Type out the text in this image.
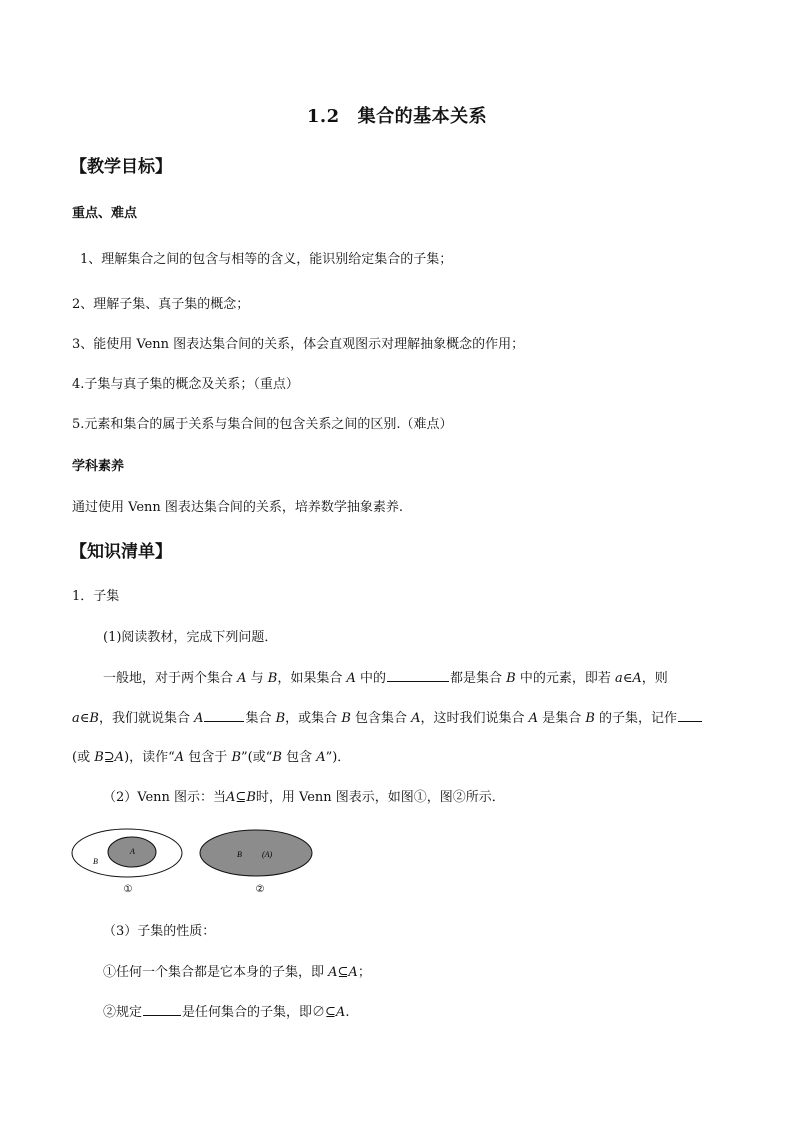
1.2 集合的基本关系
【教学目标】
重点、难点
1、理解集合之间的包含与相等的含义，能识别给定集合的子集；
2、理解子集、真子集的概念；
3、能使用 Venn 图表达集合间的关系，体会直观图示对理解抽象概念的作用；
4.子集与真子集的概念及关系；（重点）
5.元素和集合的属于关系与集合间的包含关系之间的区别.（难点）
学科素养
通过使用 Venn 图表达集合间的关系，培养数学抽象素养.
【知识清单】
1．子集
(1)阅读教材，完成下列问题．
一般地，对于两个集合 A 与 B，如果集合 A 中的	都是集合 B 中的元素，即若 a∈A，则
a∈B，我们就说集合 A	集合 B，或集合 B 包含集合 A，这时我们说集合 A 是集合 B 的子集，记作
(或 B⊇A)，读作“A 包含于 B”(或“B 包含 A”)．
（2）Venn 图示：当A⊆B时，用 Venn 图表示，如图①，图②所示．
B
A
①
B	(A)
②
（3）子集的性质：
①任何一个集合都是它本身的子集，即 A⊆A；
②规定	是任何集合的子集，即∅⊆A.
